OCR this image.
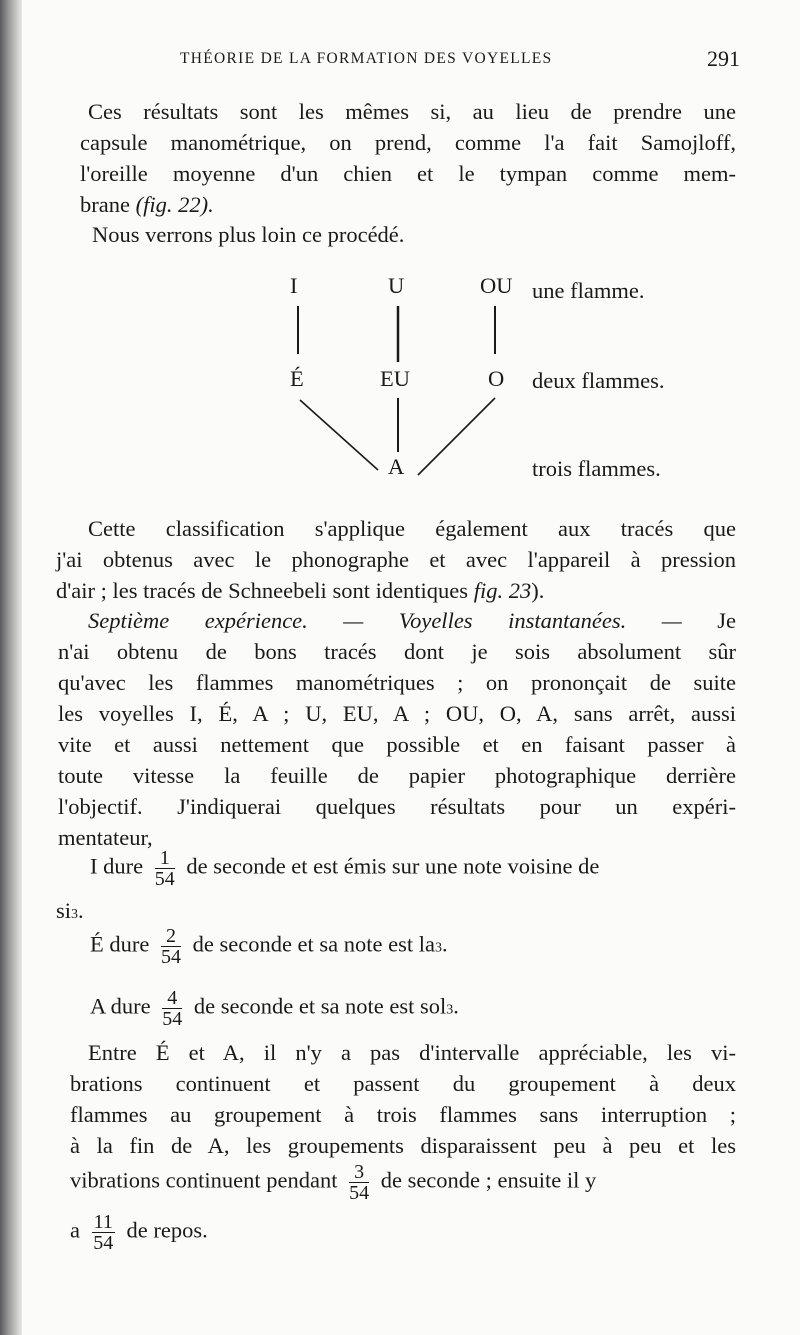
THÉORIE DE LA FORMATION DES VOYELLES	291
Ces résultats sont les mêmes si, au lieu de prendre une
capsule manométrique, on prend, comme l'a fait Samojloff,
l'oreille moyenne d'un chien et le tympan comme mem-
brane (fig. 22).
Nous verrons plus loin ce procédé.
I	U	OU
É	EU	O
A
une flamme.
deux flammes.
trois flammes.
Cette classification s'applique également aux tracés que
j'ai obtenus avec le phonographe et avec l'appareil à pression
d'air ; les tracés de Schneebeli sont identiques fig. 23).
Septième expérience. — Voyelles instantanées. — Je
n'ai obtenu de bons tracés dont je sois absolument sûr
qu'avec les flammes manométriques ; on prononçait de suite
les voyelles I, É, A ; U, EU, A ; OU, O, A, sans arrêt, aussi
vite et aussi nettement que possible et en faisant passer à
toute vitesse la feuille de papier photographique derrière
l'objectif. J'indiquerai quelques résultats pour un expéri-
mentateur,
I dure $\frac{1}{54}$ de seconde et est émis sur une note voisine de
si3.
É dure $\frac{2}{54}$ de seconde et sa note est la3.
A dure $\frac{4}{54}$ de seconde et sa note est sol3.
Entre É et A, il n'y a pas d'intervalle appréciable, les vi-
brations continuent et passent du groupement à deux
flammes au groupement à trois flammes sans interruption ;
à la fin de A, les groupements disparaissent peu à peu et les
vibrations continuent pendant $\frac{3}{54}$ de seconde ; ensuite il y
a $\frac{11}{54}$ de repos.
